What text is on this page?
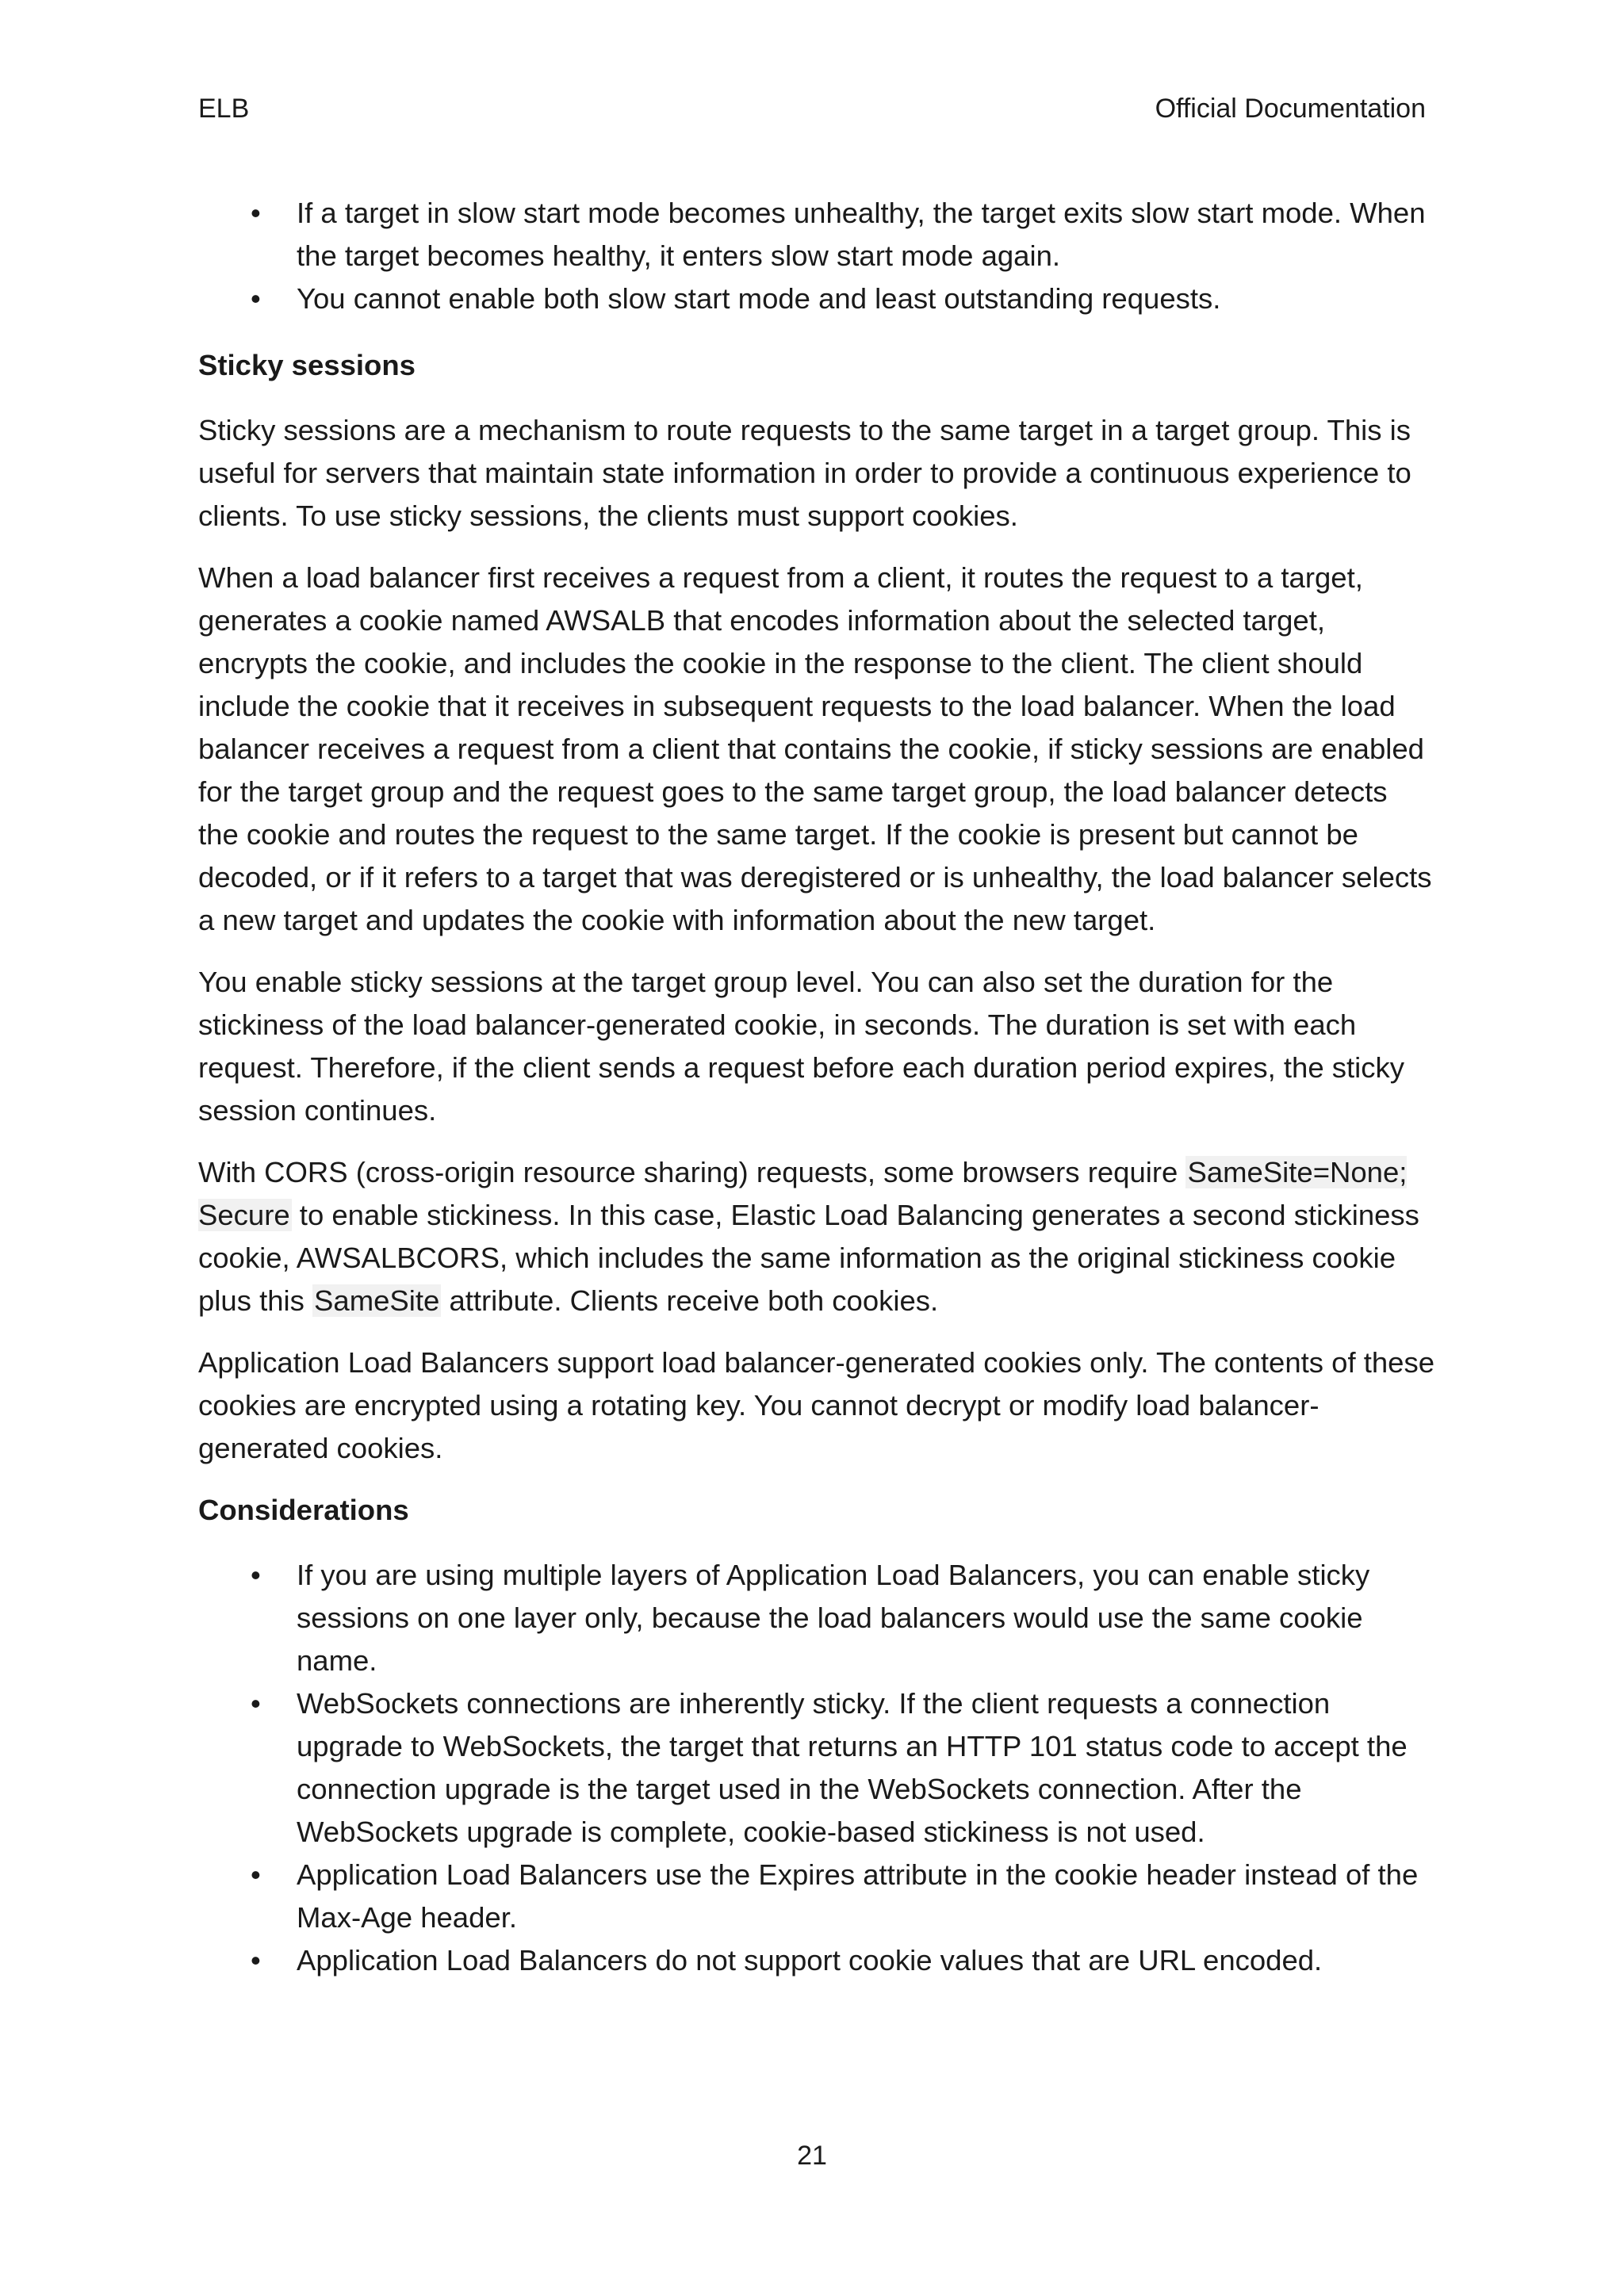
ELB	Official Documentation
• If a target in slow start mode becomes unhealthy, the target exits slow start mode. When the target becomes healthy, it enters slow start mode again.
• You cannot enable both slow start mode and least outstanding requests.
Sticky sessions

Sticky sessions are a mechanism to route requests to the same target in a target group. This is useful for servers that maintain state information in order to provide a continuous experience to clients. To use sticky sessions, the clients must support cookies.

When a load balancer first receives a request from a client, it routes the request to a target, generates a cookie named AWSALB that encodes information about the selected target, encrypts the cookie, and includes the cookie in the response to the client. The client should include the cookie that it receives in subsequent requests to the load balancer. When the load balancer receives a request from a client that contains the cookie, if sticky sessions are enabled for the target group and the request goes to the same target group, the load balancer detects the cookie and routes the request to the same target. If the cookie is present but cannot be decoded, or if it refers to a target that was deregistered or is unhealthy, the load balancer selects a new target and updates the cookie with information about the new target.

You enable sticky sessions at the target group level. You can also set the duration for the stickiness of the load balancer-generated cookie, in seconds. The duration is set with each request. Therefore, if the client sends a request before each duration period expires, the sticky session continues.

With CORS (cross-origin resource sharing) requests, some browsers require SameSite=None; Secure to enable stickiness. In this case, Elastic Load Balancing generates a second stickiness cookie, AWSALBCORS, which includes the same information as the original stickiness cookie plus this SameSite attribute. Clients receive both cookies.

Application Load Balancers support load balancer-generated cookies only. The contents of these cookies are encrypted using a rotating key. You cannot decrypt or modify load balancer-generated cookies.

Considerations
• If you are using multiple layers of Application Load Balancers, you can enable sticky sessions on one layer only, because the load balancers would use the same cookie name.
• WebSockets connections are inherently sticky. If the client requests a connection upgrade to WebSockets, the target that returns an HTTP 101 status code to accept the connection upgrade is the target used in the WebSockets connection. After the WebSockets upgrade is complete, cookie-based stickiness is not used.
• Application Load Balancers use the Expires attribute in the cookie header instead of the Max-Age header.
• Application Load Balancers do not support cookie values that are URL encoded.
21
